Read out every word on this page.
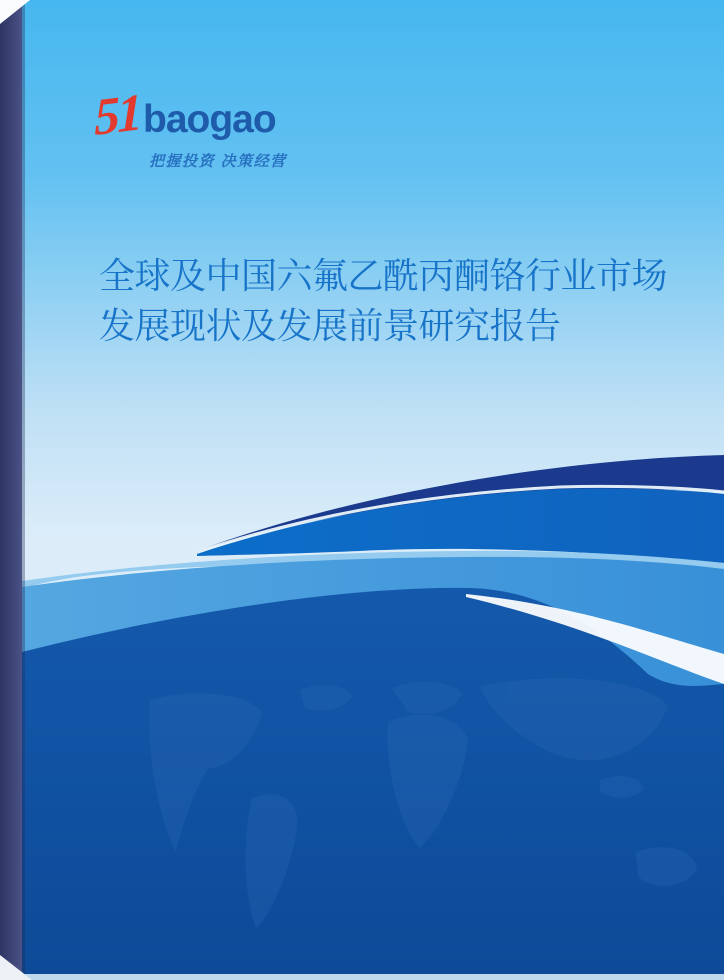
51 baogao
把握投资 决策经营
全球及中国六氟乙酰丙酮铬行业市场
发展现状及发展前景研究报告
